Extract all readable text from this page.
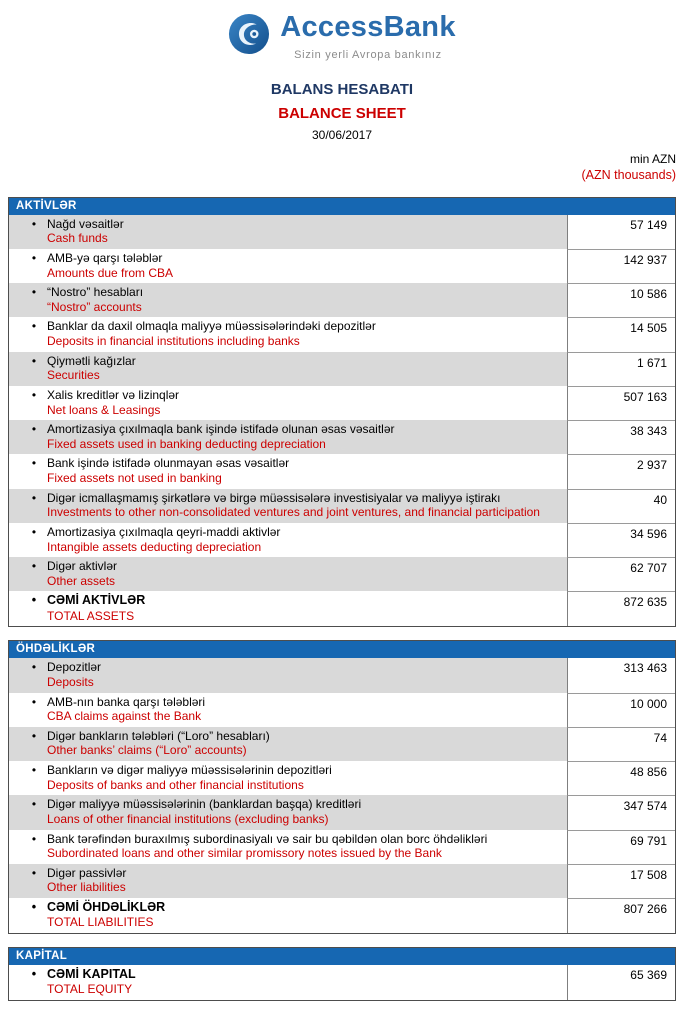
AccessBank
Sizin yerli Avropa bankınız
BALANS HESABATI
BALANCE SHEET
30/06/2017
min AZN
(AZN thousands)
AKTİVLƏR
• Nağd vəsaitlər
Cash funds
57 149
• AMB-yə qarşı tələblər
Amounts due from CBA
142 937
• “Nostro” hesabları
“Nostro” accounts
10 586
• Banklar da daxil olmaqla maliyyə müəssisələrindəki depozitlər
Deposits in financial institutions including banks
14 505
• Qiymətli kağızlar
Securities
1 671
• Xalis kreditlər və lizinqlər
Net loans & Leasings
507 163
• Amortizasiya çıxılmaqla bank işində istifadə olunan əsas vəsaitlər
Fixed assets used in banking deducting depreciation
38 343
• Bank işində istifadə olunmayan əsas vəsaitlər
Fixed assets not used in banking
2 937
• Digər icmallaşmamış şirkətlərə və birgə müəssisələrə investisiyalar və maliyyə iştirakı
Investments to other non-consolidated ventures and joint ventures, and financial participation
40
• Amortizasiya çıxılmaqla qeyri-maddi aktivlər
Intangible assets deducting depreciation
34 596
• Digər aktivlər
Other assets
62 707
• CƏMİ AKTİVLƏR
TOTAL ASSETS
872 635
ÖHDƏLİKLƏR
• Depozitlər
Deposits
313 463
• AMB-nın banka qarşı tələbləri
CBA claims against the Bank
10 000
• Digər bankların tələbləri (“Loro” hesabları)
Other banks’ claims (“Loro” accounts)
74
• Bankların və digər maliyyə müəssisələrinin depozitləri
Deposits of banks and other financial institutions
48 856
• Digər maliyyə müəssisələrinin (banklardan başqa) kreditləri
Loans of other financial institutions (excluding banks)
347 574
• Bank tərəfindən buraxılmış subordinasiyalı və sair bu qəbildən olan borc öhdəlikləri
Subordinated loans and other similar promissory notes issued by the Bank
69 791
• Digər passivlər
Other liabilities
17 508
• CƏMİ ÖHDƏLİKLƏR
TOTAL LIABILITIES
807 266
KAPİTAL
• CƏMİ KAPITAL
TOTAL EQUITY
65 369
